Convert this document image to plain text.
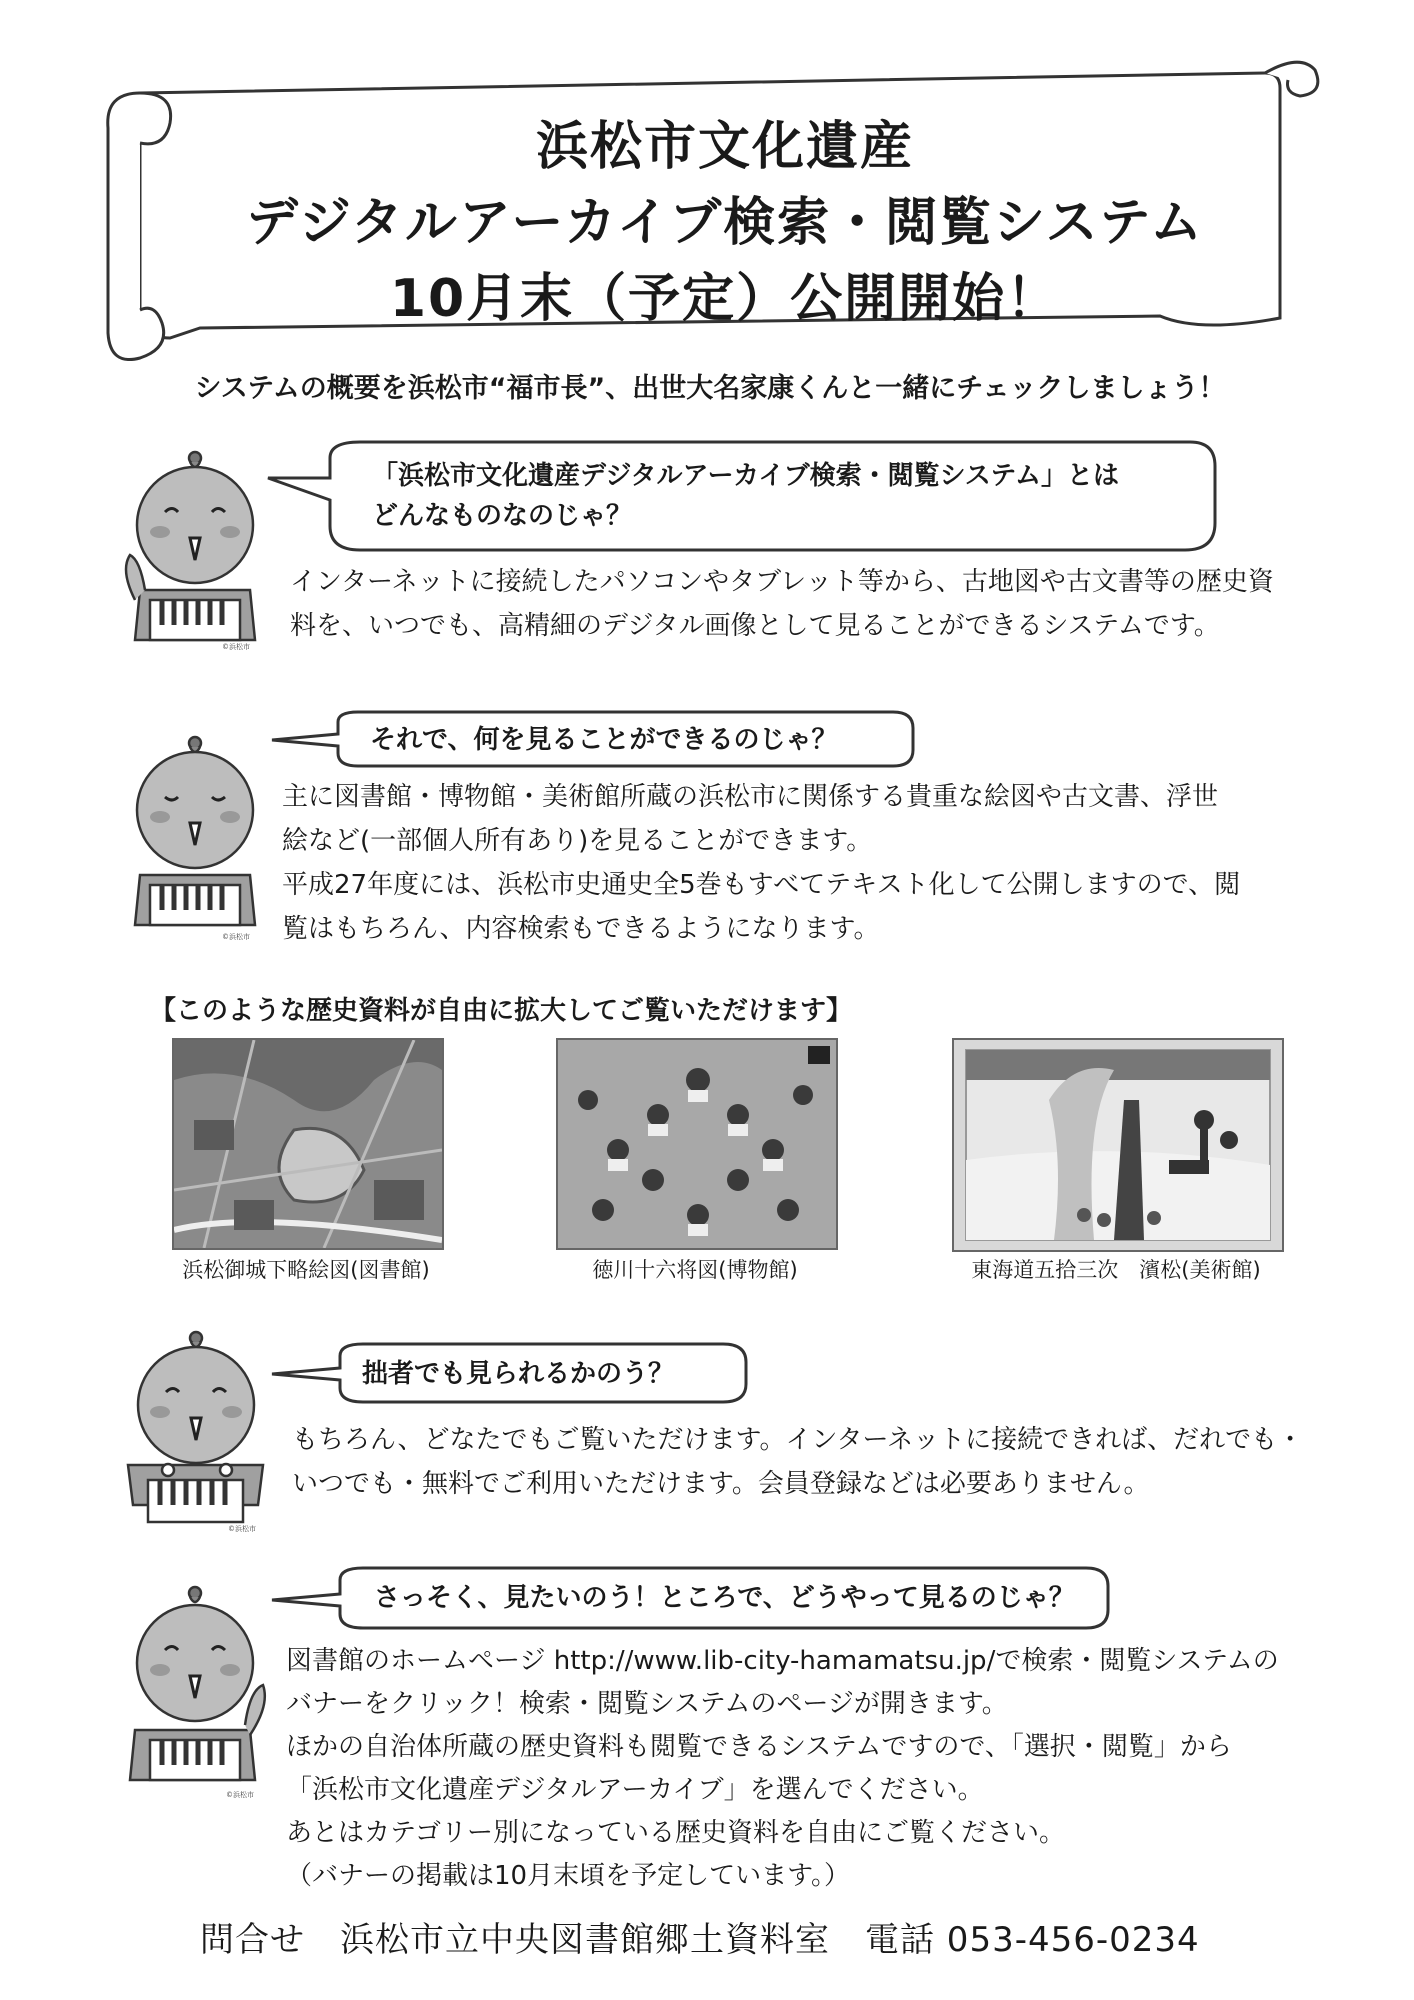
浜松市文化遺産
デジタルアーカイブ検索・閲覧システム
10月末（予定）公開開始！
システムの概要を浜松市“福市長”、出世大名家康くんと一緒にチェックしましょう！
©浜松市
「浜松市文化遺産デジタルアーカイブ検索・閲覧システム」とは
どんなものなのじゃ？
インターネットに接続したパソコンやタブレット等から、古地図や古文書等の歴史資
料を、いつでも、高精細のデジタル画像として見ることができるシステムです。
©浜松市
それで、何を見ることができるのじゃ？
主に図書館・博物館・美術館所蔵の浜松市に関係する貴重な絵図や古文書、浮世
絵など(一部個人所有あり)を見ることができます。
平成27年度には、浜松市史通史全5巻もすべてテキスト化して公開しますので、閲
覧はもちろん、内容検索もできるようになります。
【このような歴史資料が自由に拡大してご覧いただけます】
浜松御城下略絵図(図書館)	徳川十六将図(博物館)	東海道五拾三次　濱松(美術館)
©浜松市
拙者でも見られるかのう？
もちろん、どなたでもご覧いただけます。インターネットに接続できれば、だれでも・
いつでも・無料でご利用いただけます。会員登録などは必要ありません。
©浜松市
さっそく、見たいのう！ところで、どうやって見るのじゃ？
図書館のホームページ http://www.lib-city-hamamatsu.jp/で検索・閲覧システムの
バナーをクリック！検索・閲覧システムのページが開きます。
ほかの自治体所蔵の歴史資料も閲覧できるシステムですので、「選択・閲覧」から
「浜松市文化遺産デジタルアーカイブ」を選んでください。
あとはカテゴリー別になっている歴史資料を自由にご覧ください。
（バナーの掲載は10月末頃を予定しています。）
問合せ　浜松市立中央図書館郷土資料室　電話 053-456-0234
